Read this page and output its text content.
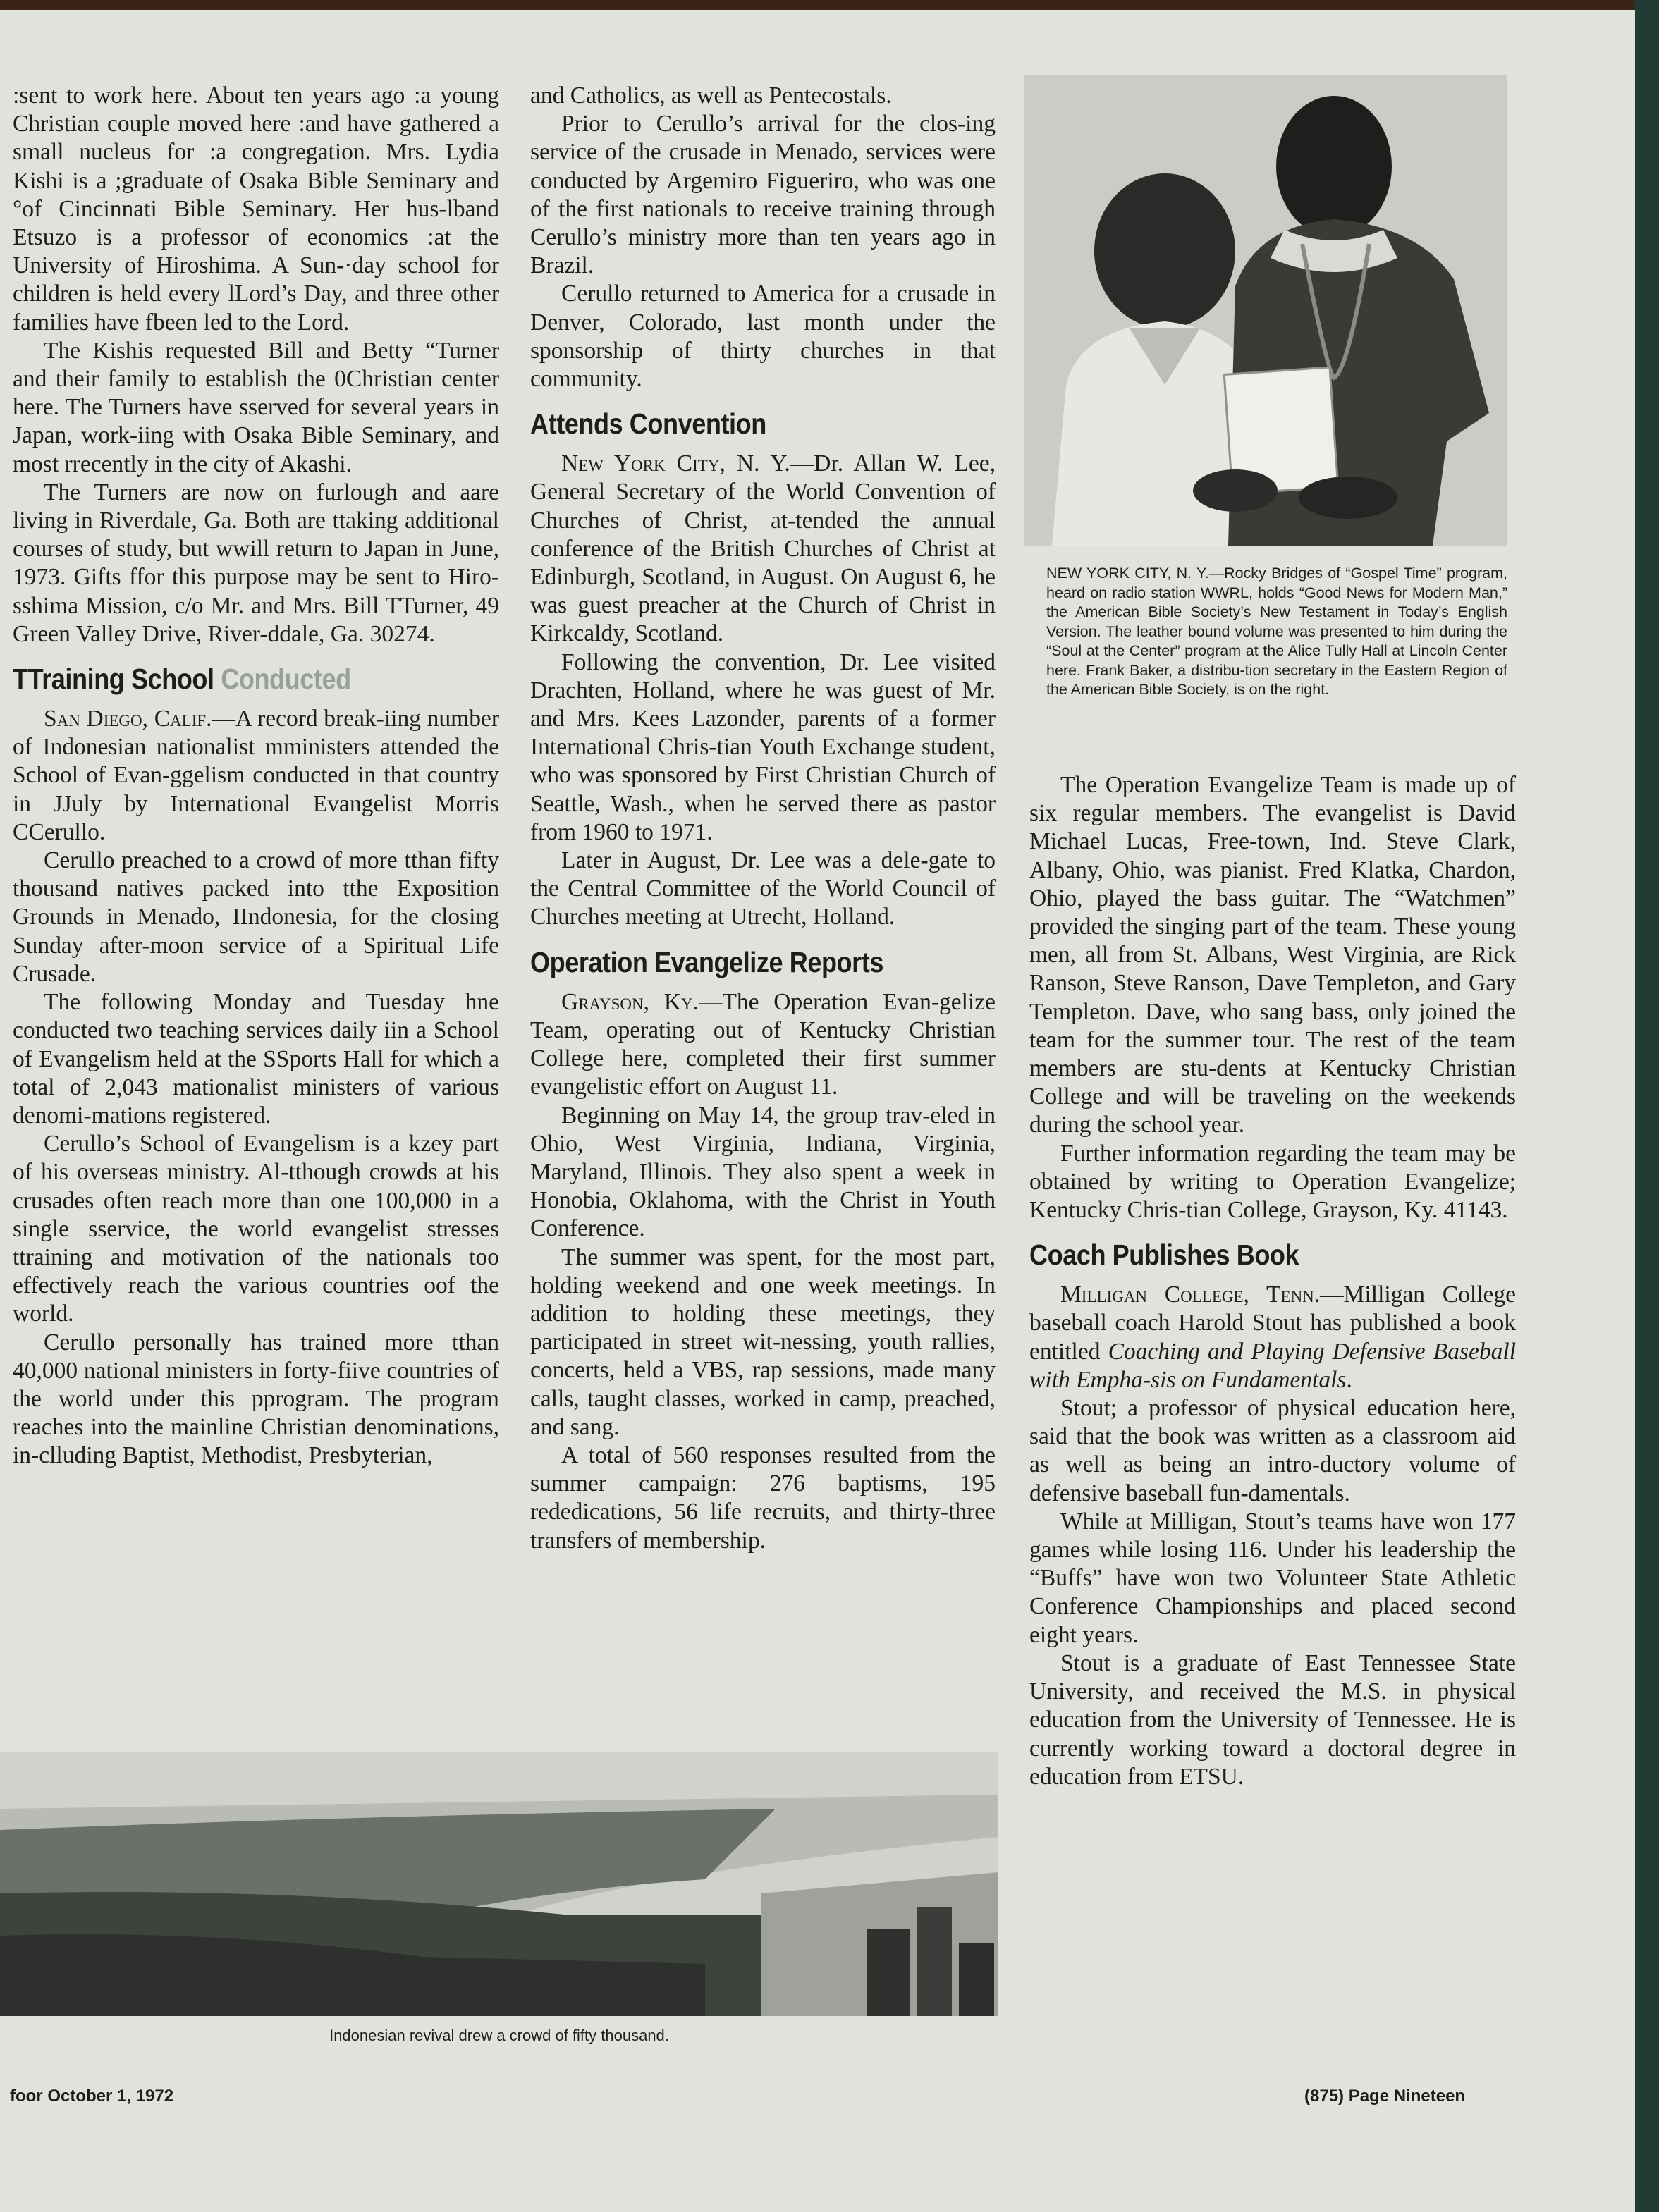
:sent to work here. About ten years ago :a young Christian couple moved here :and have gathered a small nucleus for :a congregation. Mrs. Lydia Kishi is a ;graduate of Osaka Bible Seminary and °of Cincinnati Bible Seminary. Her hus-lband Etsuzo is a professor of economics :at the University of Hiroshima. A Sun-·day school for children is held every lLord’s Day, and three other families have fbeen led to the Lord.

The Kishis requested Bill and Betty “Turner and their family to establish the 0Christian center here. The Turners have sserved for several years in Japan, work-iing with Osaka Bible Seminary, and most rrecently in the city of Akashi.

The Turners are now on furlough and aare living in Riverdale, Ga. Both are ttaking additional courses of study, but wwill return to Japan in June, 1973. Gifts ffor this purpose may be sent to Hiro-sshima Mission, c/o Mr. and Mrs. Bill TTurner, 49 Green Valley Drive, River-ddale, Ga. 30274.

TTraining School Conducted

San Diego, Calif.—A record break-iing number of Indonesian nationalist mministers attended the School of Evan-ggelism conducted in that country in JJuly by International Evangelist Morris CCerullo.

Cerullo preached to a crowd of more tthan fifty thousand natives packed into tthe Exposition Grounds in Menado, IIndonesia, for the closing Sunday after-moon service of a Spiritual Life Crusade.

The following Monday and Tuesday hne conducted two teaching services daily iin a School of Evangelism held at the SSports Hall for which a total of 2,043 mationalist ministers of various denomi-mations registered.

Cerullo’s School of Evangelism is a kzey part of his overseas ministry. Al-tthough crowds at his crusades often reach more than one 100,000 in a single sservice, the world evangelist stresses ttraining and motivation of the nationals too effectively reach the various countries oof the world.

Cerullo personally has trained more tthan 40,000 national ministers in forty-fiive countries of the world under this pprogram. The program reaches into the mainline Christian denominations, in-clluding Baptist, Methodist, Presbyterian,

and Catholics, as well as Pentecostals.

Prior to Cerullo’s arrival for the clos-ing service of the crusade in Menado, services were conducted by Argemiro Figueriro, who was one of the first nationals to receive training through Cerullo’s ministry more than ten years ago in Brazil.

Cerullo returned to America for a crusade in Denver, Colorado, last month under the sponsorship of thirty churches in that community.

Attends Convention

New York City, N. Y.—Dr. Allan W. Lee, General Secretary of the World Convention of Churches of Christ, at-tended the annual conference of the British Churches of Christ at Edinburgh, Scotland, in August. On August 6, he was guest preacher at the Church of Christ in Kirkcaldy, Scotland.

Following the convention, Dr. Lee visited Drachten, Holland, where he was guest of Mr. and Mrs. Kees Lazonder, parents of a former International Chris-tian Youth Exchange student, who was sponsored by First Christian Church of Seattle, Wash., when he served there as pastor from 1960 to 1971.

Later in August, Dr. Lee was a dele-gate to the Central Committee of the World Council of Churches meeting at Utrecht, Holland.

Operation Evangelize Reports

Grayson, Ky.—The Operation Evan-gelize Team, operating out of Kentucky Christian College here, completed their first summer evangelistic effort on August 11.

Beginning on May 14, the group trav-eled in Ohio, West Virginia, Indiana, Virginia, Maryland, Illinois. They also spent a week in Honobia, Oklahoma, with the Christ in Youth Conference.

The summer was spent, for the most part, holding weekend and one week meetings. In addition to holding these meetings, they participated in street wit-nessing, youth rallies, concerts, held a VBS, rap sessions, made many calls, taught classes, worked in camp, preached, and sang.

A total of 560 responses resulted from the summer campaign: 276 baptisms, 195 rededications, 56 life recruits, and thirty-three transfers of membership.

NEW YORK CITY, N. Y.—Rocky Bridges of “Gospel Time” program, heard on radio station WWRL, holds “Good News for Modern Man,” the American Bible Society’s New Testament in Today’s English Version. The leather bound volume was presented to him during the “Soul at the Center” program at the Alice Tully Hall at Lincoln Center here. Frank Baker, a distribu-tion secretary in the Eastern Region of the American Bible Society, is on the right.

The Operation Evangelize Team is made up of six regular members. The evangelist is David Michael Lucas, Free-town, Ind. Steve Clark, Albany, Ohio, was pianist. Fred Klatka, Chardon, Ohio, played the bass guitar. The “Watchmen” provided the singing part of the team. These young men, all from St. Albans, West Virginia, are Rick Ranson, Steve Ranson, Dave Templeton, and Gary Templeton. Dave, who sang bass, only joined the team for the summer tour. The rest of the team members are stu-dents at Kentucky Christian College and will be traveling on the weekends during the school year.

Further information regarding the team may be obtained by writing to Operation Evangelize; Kentucky Chris-tian College, Grayson, Ky. 41143.

Coach Publishes Book

Milligan College, Tenn.—Milligan College baseball coach Harold Stout has published a book entitled Coaching and Playing Defensive Baseball with Empha-sis on Fundamentals.

Stout; a professor of physical education here, said that the book was written as a classroom aid as well as being an intro-ductory volume of defensive baseball fun-damentals.

While at Milligan, Stout’s teams have won 177 games while losing 116. Under his leadership the “Buffs” have won two Volunteer State Athletic Conference Championships and placed second eight years.

Stout is a graduate of East Tennessee State University, and received the M.S. in physical education from the University of Tennessee. He is currently working toward a doctoral degree in education from ETSU.

Indonesian revival drew a crowd of fifty thousand.
foor October 1, 1972	(875) Page Nineteen
